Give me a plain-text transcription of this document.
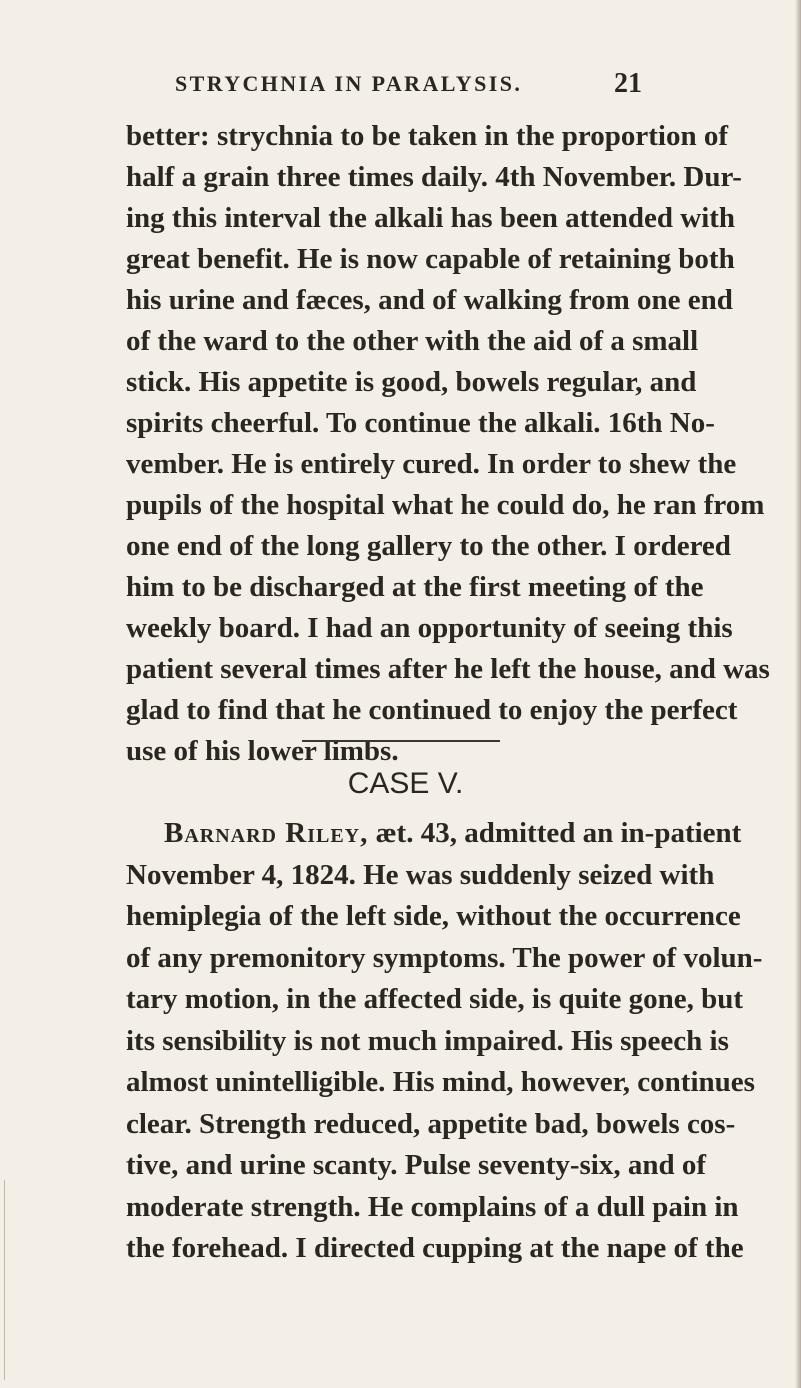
STRYCHNIA IN PARALYSIS.	21
better: strychnia to be taken in the proportion of
half a grain three times daily. 4th November. Dur-
ing this interval the alkali has been attended with
great benefit. He is now capable of retaining both
his urine and fæces, and of walking from one end
of the ward to the other with the aid of a small
stick. His appetite is good, bowels regular, and
spirits cheerful. To continue the alkali. 16th No-
vember. He is entirely cured. In order to shew the
pupils of the hospital what he could do, he ran from
one end of the long gallery to the other. I ordered
him to be discharged at the first meeting of the
weekly board. I had an opportunity of seeing this
patient several times after he left the house, and was
glad to find that he continued to enjoy the perfect
use of his lower limbs.
CASE V.
Barnard Riley, æt. 43, admitted an in-patient
November 4, 1824. He was suddenly seized with
hemiplegia of the left side, without the occurrence
of any premonitory symptoms. The power of volun-
tary motion, in the affected side, is quite gone, but
its sensibility is not much impaired. His speech is
almost unintelligible. His mind, however, continues
clear. Strength reduced, appetite bad, bowels cos-
tive, and urine scanty. Pulse seventy-six, and of
moderate strength. He complains of a dull pain in
the forehead. I directed cupping at the nape of the
